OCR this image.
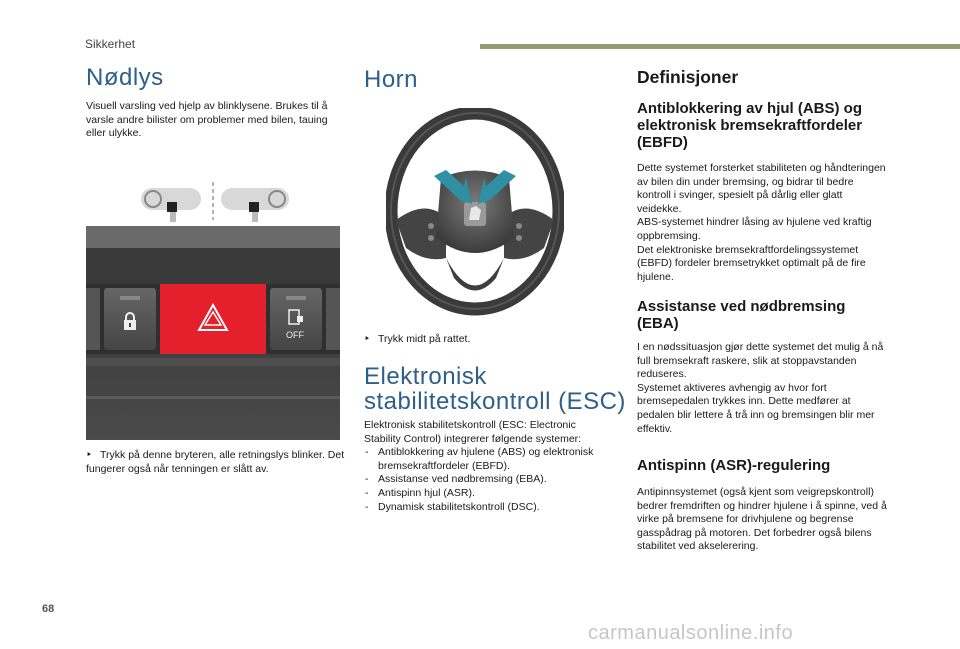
Sikkerhet
Nødlys
Visuell varsling ved hjelp av blinklysene. Brukes til å varsle andre bilister om problemer med bilen, tauing eller ulykke.
OFF
‣ Trykk på denne bryteren, alle retningslys blinker. Det fungerer også når tenningen er slått av.
Horn
‣ Trykk midt på rattet.
Elektronisk
stabilitetskontroll (ESC)
Elektronisk stabilitetskontroll (ESC: Electronic Stability Control) integrerer følgende systemer:
- Antiblokkering av hjulene (ABS) og elektronisk bremsekraftfordeler (EBFD).
- Assistanse ved nødbremsing (EBA).
- Antispinn hjul (ASR).
- Dynamisk stabilitetskontroll (DSC).
Definisjoner
Antiblokkering av hjul (ABS) og elektronisk bremsekraftfordeler (EBFD)
Dette systemet forsterket stabiliteten og håndteringen av bilen din under bremsing, og bidrar til bedre kontroll i svinger, spesielt på dårlig eller glatt veidekke.
ABS-systemet hindrer låsing av hjulene ved kraftig oppbremsing.
Det elektroniske bremsekraftfordelingssystemet (EBFD) fordeler bremsetrykket optimalt på de fire hjulene.
Assistanse ved nødbremsing (EBA)
I en nødssituasjon gjør dette systemet det mulig å nå full bremsekraft raskere, slik at stoppavstanden reduseres.
Systemet aktiveres avhengig av hvor fort bremsepedalen trykkes inn. Dette medfører at pedalen blir lettere å trå inn og bremsingen blir mer effektiv.
Antispinn (ASR)-regulering
Antipinnsystemet (også kjent som veigrepskontroll) bedrer fremdriften og hindrer hjulene i å spinne, ved å virke på bremsene for drivhjulene og begrense gasspådrag på motoren. Det forbedrer også bilens stabilitet ved akselerering.
68
carmanualsonline.info
